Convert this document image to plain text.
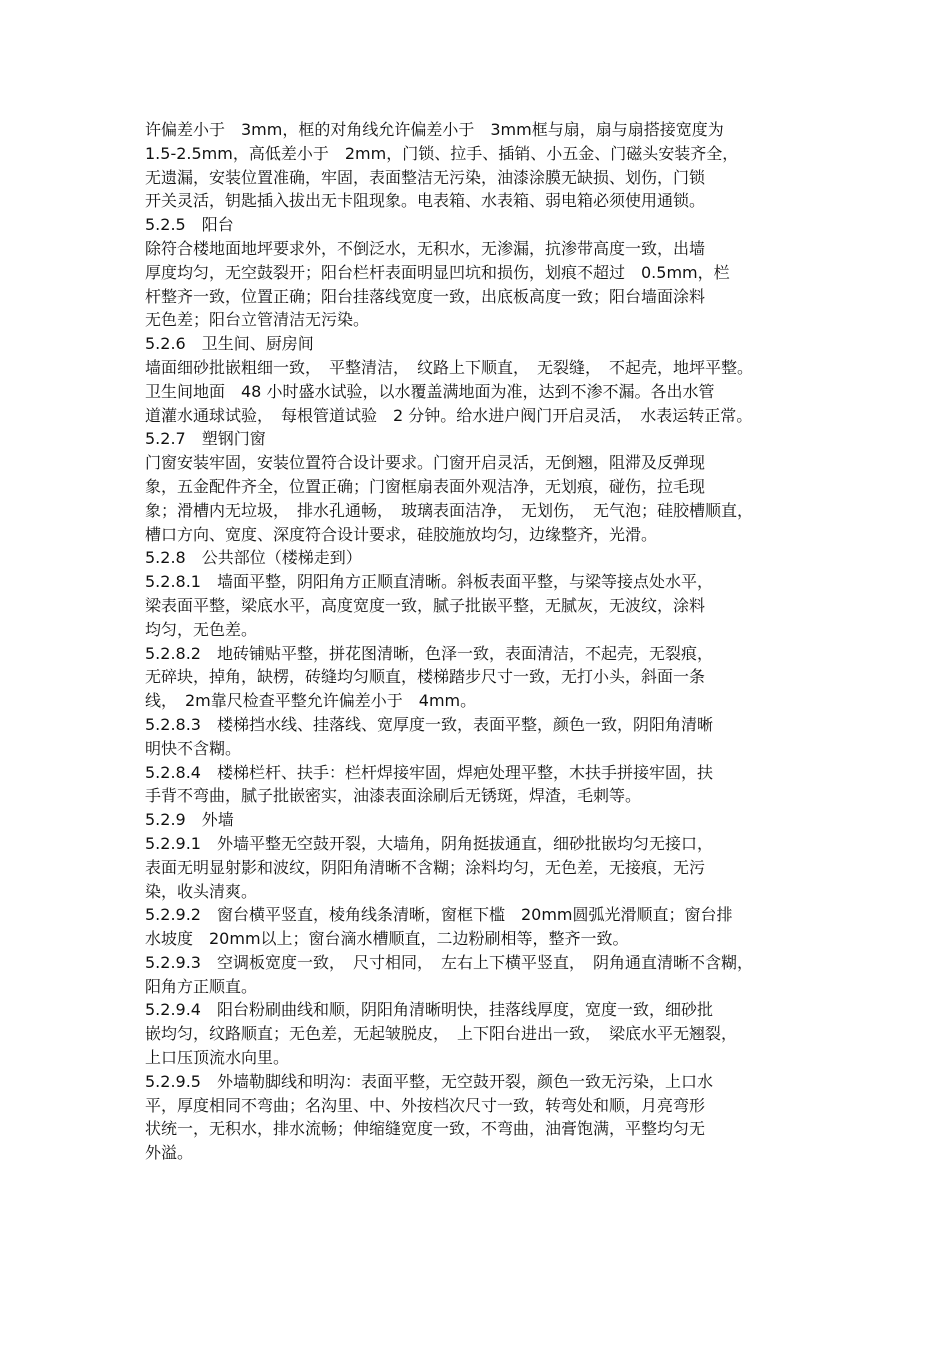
许偏差小于　3mm，框的对角线允许偏差小于　3mm框与扇，扇与扇搭接宽度为
1.5-2.5mm，高低差小于　2mm，门锁、拉手、插销、小五金、门磁头安装齐全，
无遗漏，安装位置准确，牢固，表面整洁无污染，油漆涂膜无缺损、划伤，门锁
开关灵活，钥匙插入拔出无卡阻现象。电表箱、水表箱、弱电箱必须使用通锁。
5.2.5　阳台
除符合楼地面地坪要求外，不倒泛水，无积水，无渗漏，抗渗带高度一致，出墙
厚度均匀，无空鼓裂开；阳台栏杆表面明显凹坑和损伤，划痕不超过　0.5mm，栏
杆整齐一致，位置正确；阳台挂落线宽度一致，出底板高度一致；阳台墙面涂料
无色差；阳台立管清洁无污染。
5.2.6　卫生间、厨房间
墙面细砂批嵌粗细一致，　平整清洁，　纹路上下顺直，　无裂缝，　不起壳，地坪平整。
卫生间地面　48 小时盛水试验，以水覆盖满地面为准，达到不渗不漏。各出水管
道灌水通球试验，　每根管道试验　2 分钟。给水进户阀门开启灵活，　水表运转正常。
5.2.7　塑钢门窗
门窗安装牢固，安装位置符合设计要求。门窗开启灵活，无倒翘，阻滞及反弹现
象，五金配件齐全，位置正确；门窗框扇表面外观洁净，无划痕，碰伤，拉毛现
象；滑槽内无垃圾，　排水孔通畅，　玻璃表面洁净，　无划伤，　无气泡；硅胶槽顺直，
槽口方向、宽度、深度符合设计要求，硅胶施放均匀，边缘整齐，光滑。
5.2.8　公共部位（楼梯走到）
5.2.8.1　墙面平整，阴阳角方正顺直清晰。斜板表面平整，与梁等接点处水平，
梁表面平整，梁底水平，高度宽度一致，腻子批嵌平整，无腻灰，无波纹，涂料
均匀，无色差。
5.2.8.2　地砖铺贴平整，拼花图清晰，色泽一致，表面清洁，不起壳，无裂痕，
无碎块，掉角，缺楞，砖缝均匀顺直，楼梯踏步尺寸一致，无打小头，斜面一条
线，　2m靠尺检查平整允许偏差小于　4mm。
5.2.8.3　楼梯挡水线、挂落线、宽厚度一致，表面平整，颜色一致，阴阳角清晰
明快不含糊。
5.2.8.4　楼梯栏杆、扶手：栏杆焊接牢固，焊疤处理平整，木扶手拼接牢固，扶
手背不弯曲，腻子批嵌密实，油漆表面涂刷后无锈斑，焊渣，毛刺等。
5.2.9　外墙
5.2.9.1　外墙平整无空鼓开裂，大墙角，阴角挺拔通直，细砂批嵌均匀无接口，
表面无明显射影和波纹，阴阳角清晰不含糊；涂料均匀，无色差，无接痕，无污
染，收头清爽。
5.2.9.2　窗台横平竖直，棱角线条清晰，窗框下槛　20mm圆弧光滑顺直；窗台排
水坡度　20mm以上；窗台滴水槽顺直，二边粉刷相等，整齐一致。
5.2.9.3　空调板宽度一致，　尺寸相同，　左右上下横平竖直，　阴角通直清晰不含糊，
阳角方正顺直。
5.2.9.4　阳台粉刷曲线和顺，阴阳角清晰明快，挂落线厚度，宽度一致，细砂批
嵌均匀，纹路顺直；无色差，无起皱脱皮，　上下阳台进出一致，　梁底水平无翘裂，
上口压顶流水向里。
5.2.9.5　外墙勒脚线和明沟：表面平整，无空鼓开裂，颜色一致无污染，上口水
平，厚度相同不弯曲；名沟里、中、外按档次尺寸一致，转弯处和顺，月亮弯形
状统一，无积水，排水流畅；伸缩缝宽度一致，不弯曲，油膏饱满，平整均匀无
外溢。
